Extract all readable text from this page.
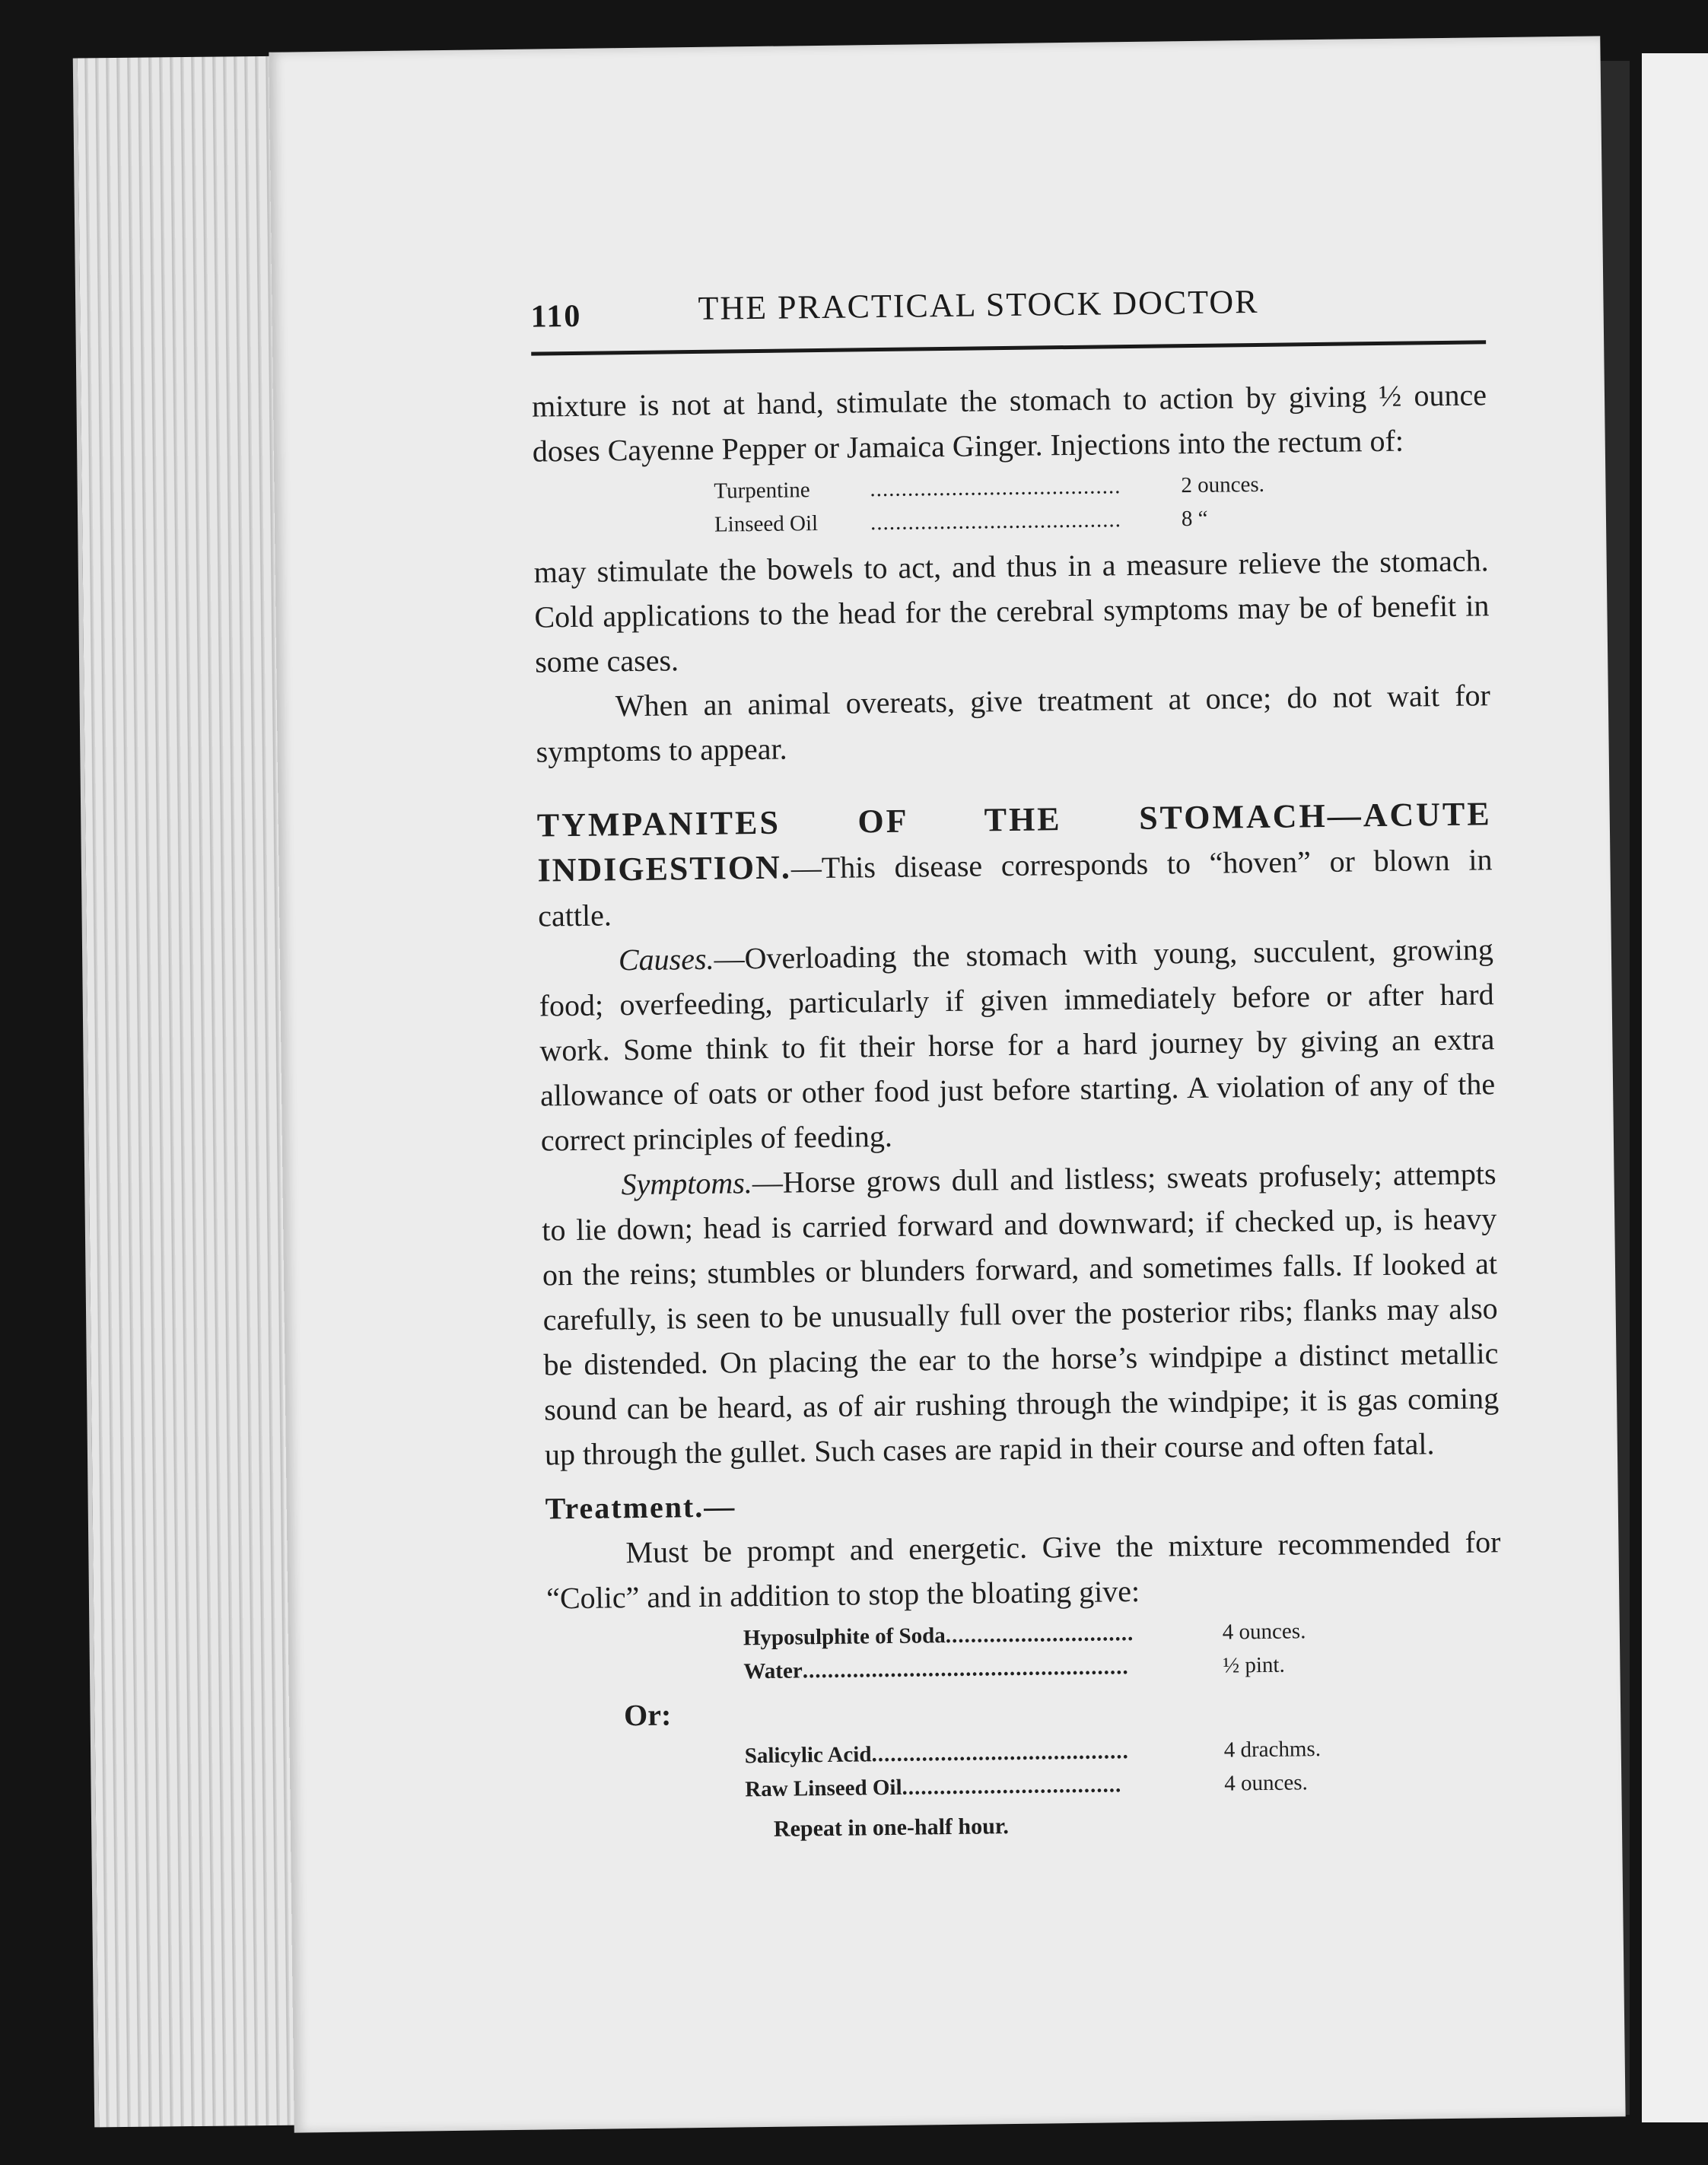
110	THE PRACTICAL STOCK DOCTOR

mixture is not at hand, stimulate the stomach to action by giving ½ ounce doses Cayenne Pepper or Jamaica Ginger. Injections into the rectum of:

Turpentine	........................................	2 ounces.
Linseed Oil	........................................	8 “

may stimulate the bowels to act, and thus in a measure relieve the stomach. Cold applications to the head for the cerebral symptoms may be of benefit in some cases.

When an animal overeats, give treatment at once; do not wait for symptoms to appear.

TYMPANITES OF THE STOMACH—ACUTE

INDIGESTION.—This disease corresponds to “hoven” or blown in cattle.

Causes.—Overloading the stomach with young, succulent, growing food; overfeeding, particularly if given immediately before or after hard work. Some think to fit their horse for a hard journey by giving an extra allowance of oats or other food just before starting. A violation of any of the correct principles of feeding.

Symptoms.—Horse grows dull and listless; sweats profusely; attempts to lie down; head is carried forward and downward; if checked up, is heavy on the reins; stumbles or blunders forward, and sometimes falls. If looked at carefully, is seen to be unusually full over the posterior ribs; flanks may also be distended. On placing the ear to the horse’s windpipe a distinct metallic sound can be heard, as of air rushing through the windpipe; it is gas coming up through the gullet. Such cases are rapid in their course and often fatal.

Treatment.—

Must be prompt and energetic. Give the mixture recommended for “Colic” and in addition to stop the bloating give:

Hyposulphite of Soda ..............................	4 ounces.
Water ....................................................	½ pint.
Or:
Salicylic Acid .........................................	4 drachms.
Raw Linseed Oil ...................................	4 ounces.
Repeat in one-half hour.
